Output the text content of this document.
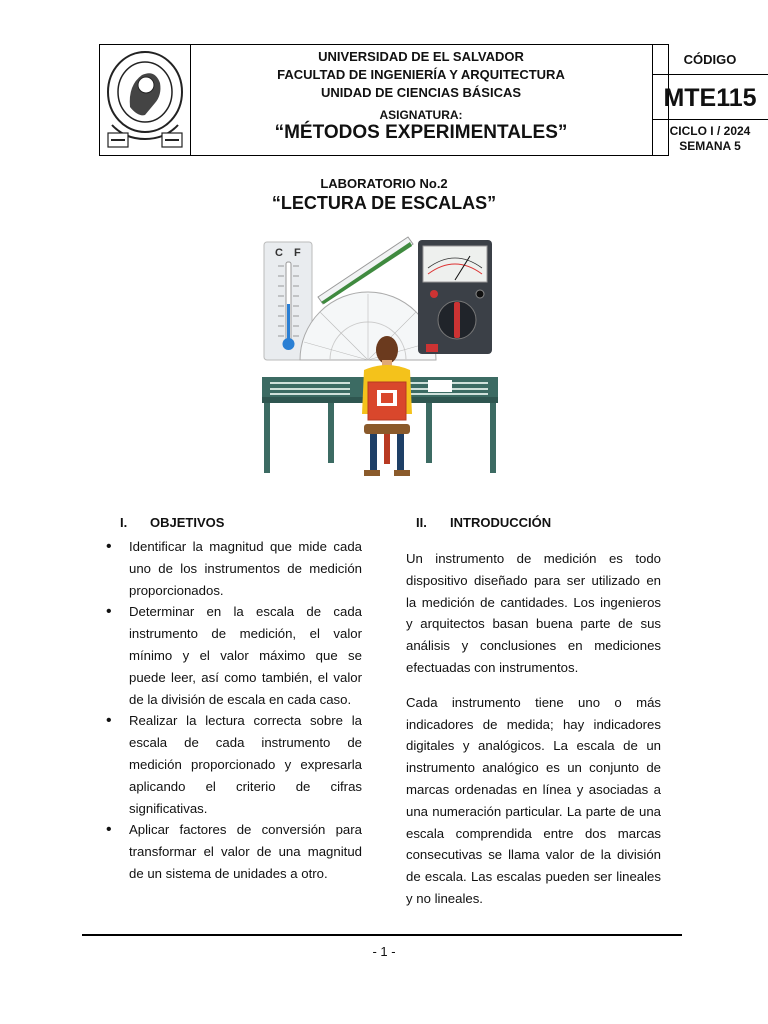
UNIVERSIDAD DE EL SALVADOR
FACULTAD DE INGENIERÍA Y ARQUITECTURA
UNIDAD DE CIENCIAS BÁSICAS
ASIGNATURA:
“MÉTODOS EXPERIMENTALES”
CÓDIGO
MTE115
CICLO I / 2024
SEMANA 5
LABORATORIO No.2
“LECTURA DE ESCALAS”
C F
I. OBJETIVOS
• Identificar la magnitud que mide cada uno de los instrumentos de medición proporcionados.
• Determinar en la escala de cada instrumento de medición, el valor mínimo y el valor máximo que se puede leer, así como también, el valor de la división de escala en cada caso.
• Realizar la lectura correcta sobre la escala de cada instrumento de medición proporcionado y expresarla aplicando el criterio de cifras significativas.
• Aplicar factores de conversión para transformar el valor de una magnitud de un sistema de unidades a otro.
II. INTRODUCCIÓN

Un instrumento de medición es todo dispositivo diseñado para ser utilizado en la medición de cantidades. Los ingenieros y arquitectos basan buena parte de sus análisis y conclusiones en mediciones efectuadas con instrumentos.

Cada instrumento tiene uno o más indicadores de medida; hay indicadores digitales y analógicos. La escala de un instrumento analógico es un conjunto de marcas ordenadas en línea y asociadas a una numeración particular. La parte de una escala comprendida entre dos marcas consecutivas se llama valor de la división de escala. Las escalas pueden ser lineales y no lineales.

- 1 -
